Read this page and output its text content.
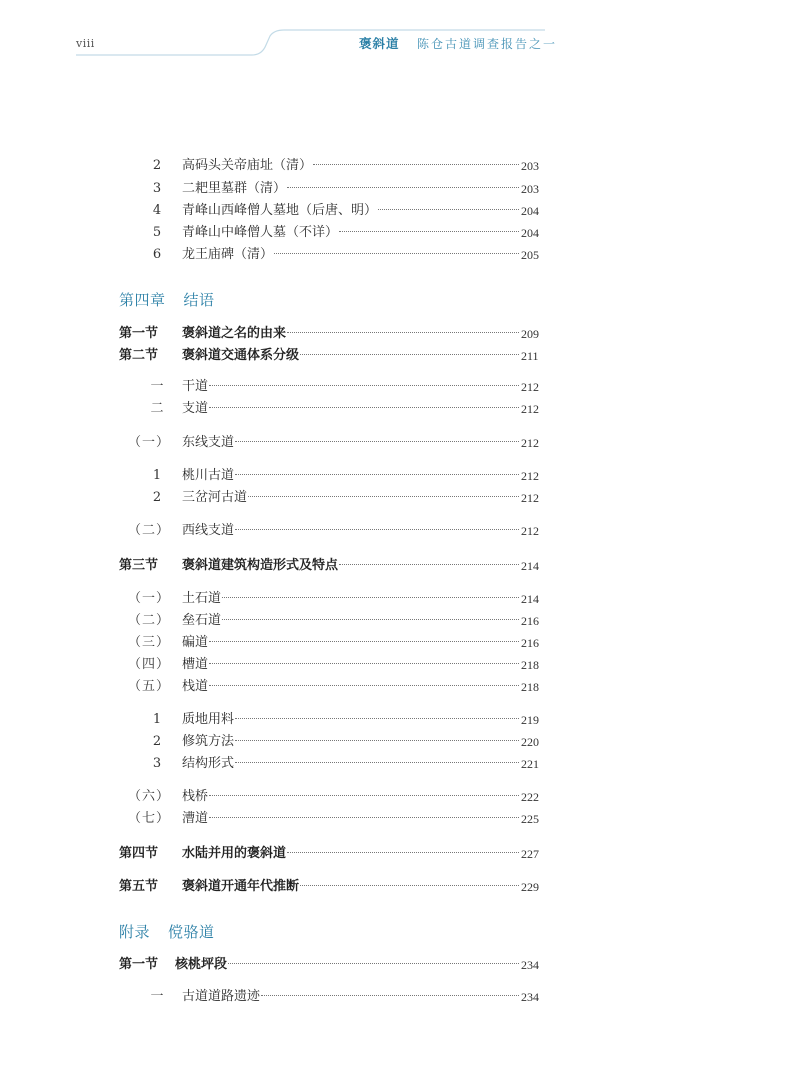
viii	褒斜道 陈仓古道调查报告之一
2	高码头关帝庙址（清）	203
3	二耙里墓群（清）	203
4	青峰山西峰僧人墓地（后唐、明）	204
5	青峰山中峰僧人墓（不详）	204
6	龙王庙碑（清）	205
第四章 结语
第一节 褒斜道之名的由来	209
第二节 褒斜道交通体系分级	211
一	干道	212
二	支道	212
（一） 东线支道	212
1	桃川古道	212
2	三岔河古道	212
（二） 西线支道	212
第三节 褒斜道建筑构造形式及特点	214
（一） 土石道	214
（二） 垒石道	216
（三） 碥道	216
（四） 槽道	218
（五） 栈道	218
1	质地用料	219
2	修筑方法	220
3	结构形式	221
（六） 栈桥	222
（七） 漕道	225
第四节 水陆并用的褒斜道	227
第五节 褒斜道开通年代推断	229
附录 傥骆道
第一节 核桃坪段	234
一	古道道路遗迹	234
